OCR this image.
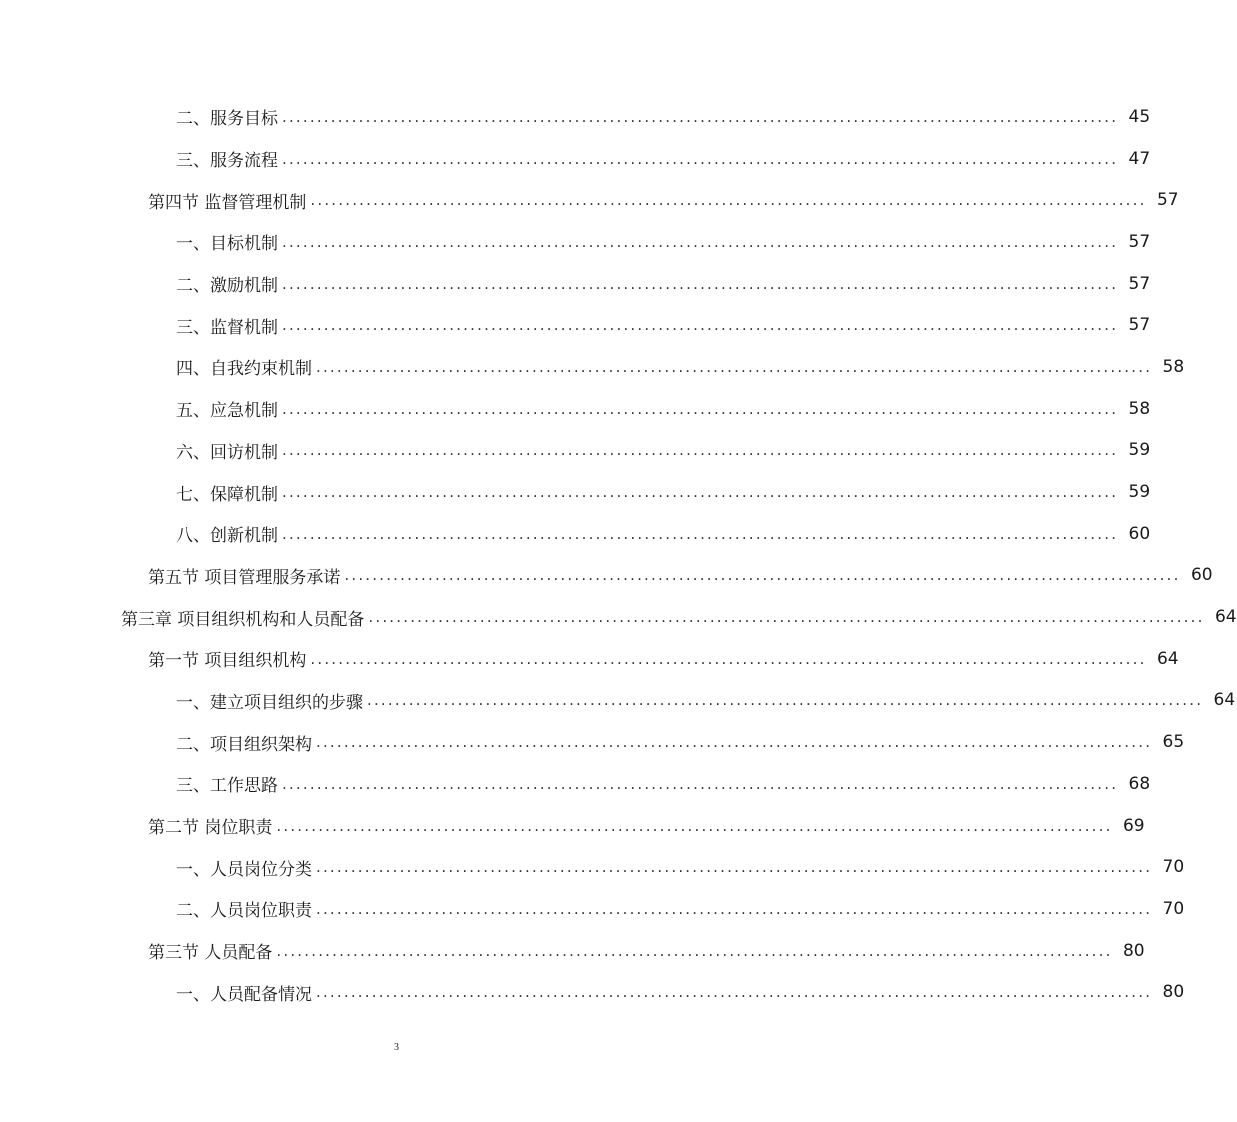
二、服务目标 ........................................................................................................................ 45
三、服务流程 ........................................................................................................................ 47
第四节 监督管理机制 ........................................................................................................................ 57
一、目标机制 ........................................................................................................................ 57
二、激励机制 ........................................................................................................................ 57
三、监督机制 ........................................................................................................................ 57
四、自我约束机制 ........................................................................................................................ 58
五、应急机制 ........................................................................................................................ 58
六、回访机制 ........................................................................................................................ 59
七、保障机制 ........................................................................................................................ 59
八、创新机制 ........................................................................................................................ 60
第五节 项目管理服务承诺 ........................................................................................................................ 60
第三章 项目组织机构和人员配备 ........................................................................................................................ 64
第一节 项目组织机构 ........................................................................................................................ 64
一、建立项目组织的步骤 ........................................................................................................................ 64
二、项目组织架构 ........................................................................................................................ 65
三、工作思路 ........................................................................................................................ 68
第二节 岗位职责 ........................................................................................................................ 69
一、人员岗位分类 ........................................................................................................................ 70
二、人员岗位职责 ........................................................................................................................ 70
第三节 人员配备 ........................................................................................................................ 80
一、人员配备情况 ........................................................................................................................ 80
3
